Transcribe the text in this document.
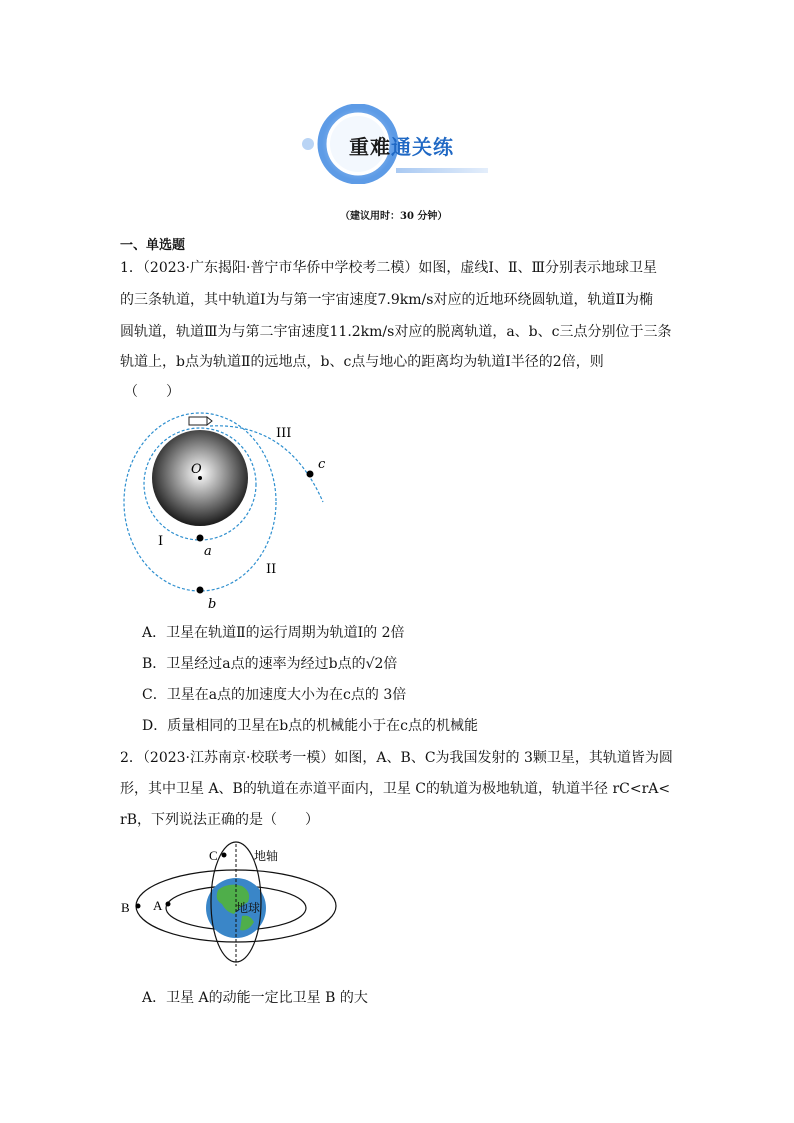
重难通关练
（建议用时：30 分钟）
一、单选题
1．（2023·广东揭阳·普宁市华侨中学校考二模）如图，虚线Ⅰ、Ⅱ、Ⅲ分别表示地球卫星
的三条轨道，其中轨道Ⅰ为与第一宇宙速度7.9km/s对应的近地环绕圆轨道，轨道Ⅱ为椭
圆轨道，轨道Ⅲ为与第二宇宙速度11.2km/s对应的脱离轨道，a、b、c三点分别位于三条
轨道上，b点为轨道Ⅱ的远地点，b、c点与地心的距离均为轨道Ⅰ半径的2倍，则
（　　）
O
I
II
III
a
b
c
A．卫星在轨道Ⅱ的运行周期为轨道Ⅰ的 2倍
B．卫星经过a点的速率为经过b点的√2倍
C．卫星在a点的加速度大小为在c点的 3倍
D．质量相同的卫星在b点的机械能小于在c点的机械能
2．（2023·江苏南京·校联考一模）如图，A、B、C为我国发射的 3颗卫星，其轨道皆为圆
形，其中卫星 A、B的轨道在赤道平面内，卫星 C的轨道为极地轨道，轨道半径 rC<rA<
rB，下列说法正确的是（　　）
C	地轴
B A	地球
A．卫星 A的动能一定比卫星 B 的大
